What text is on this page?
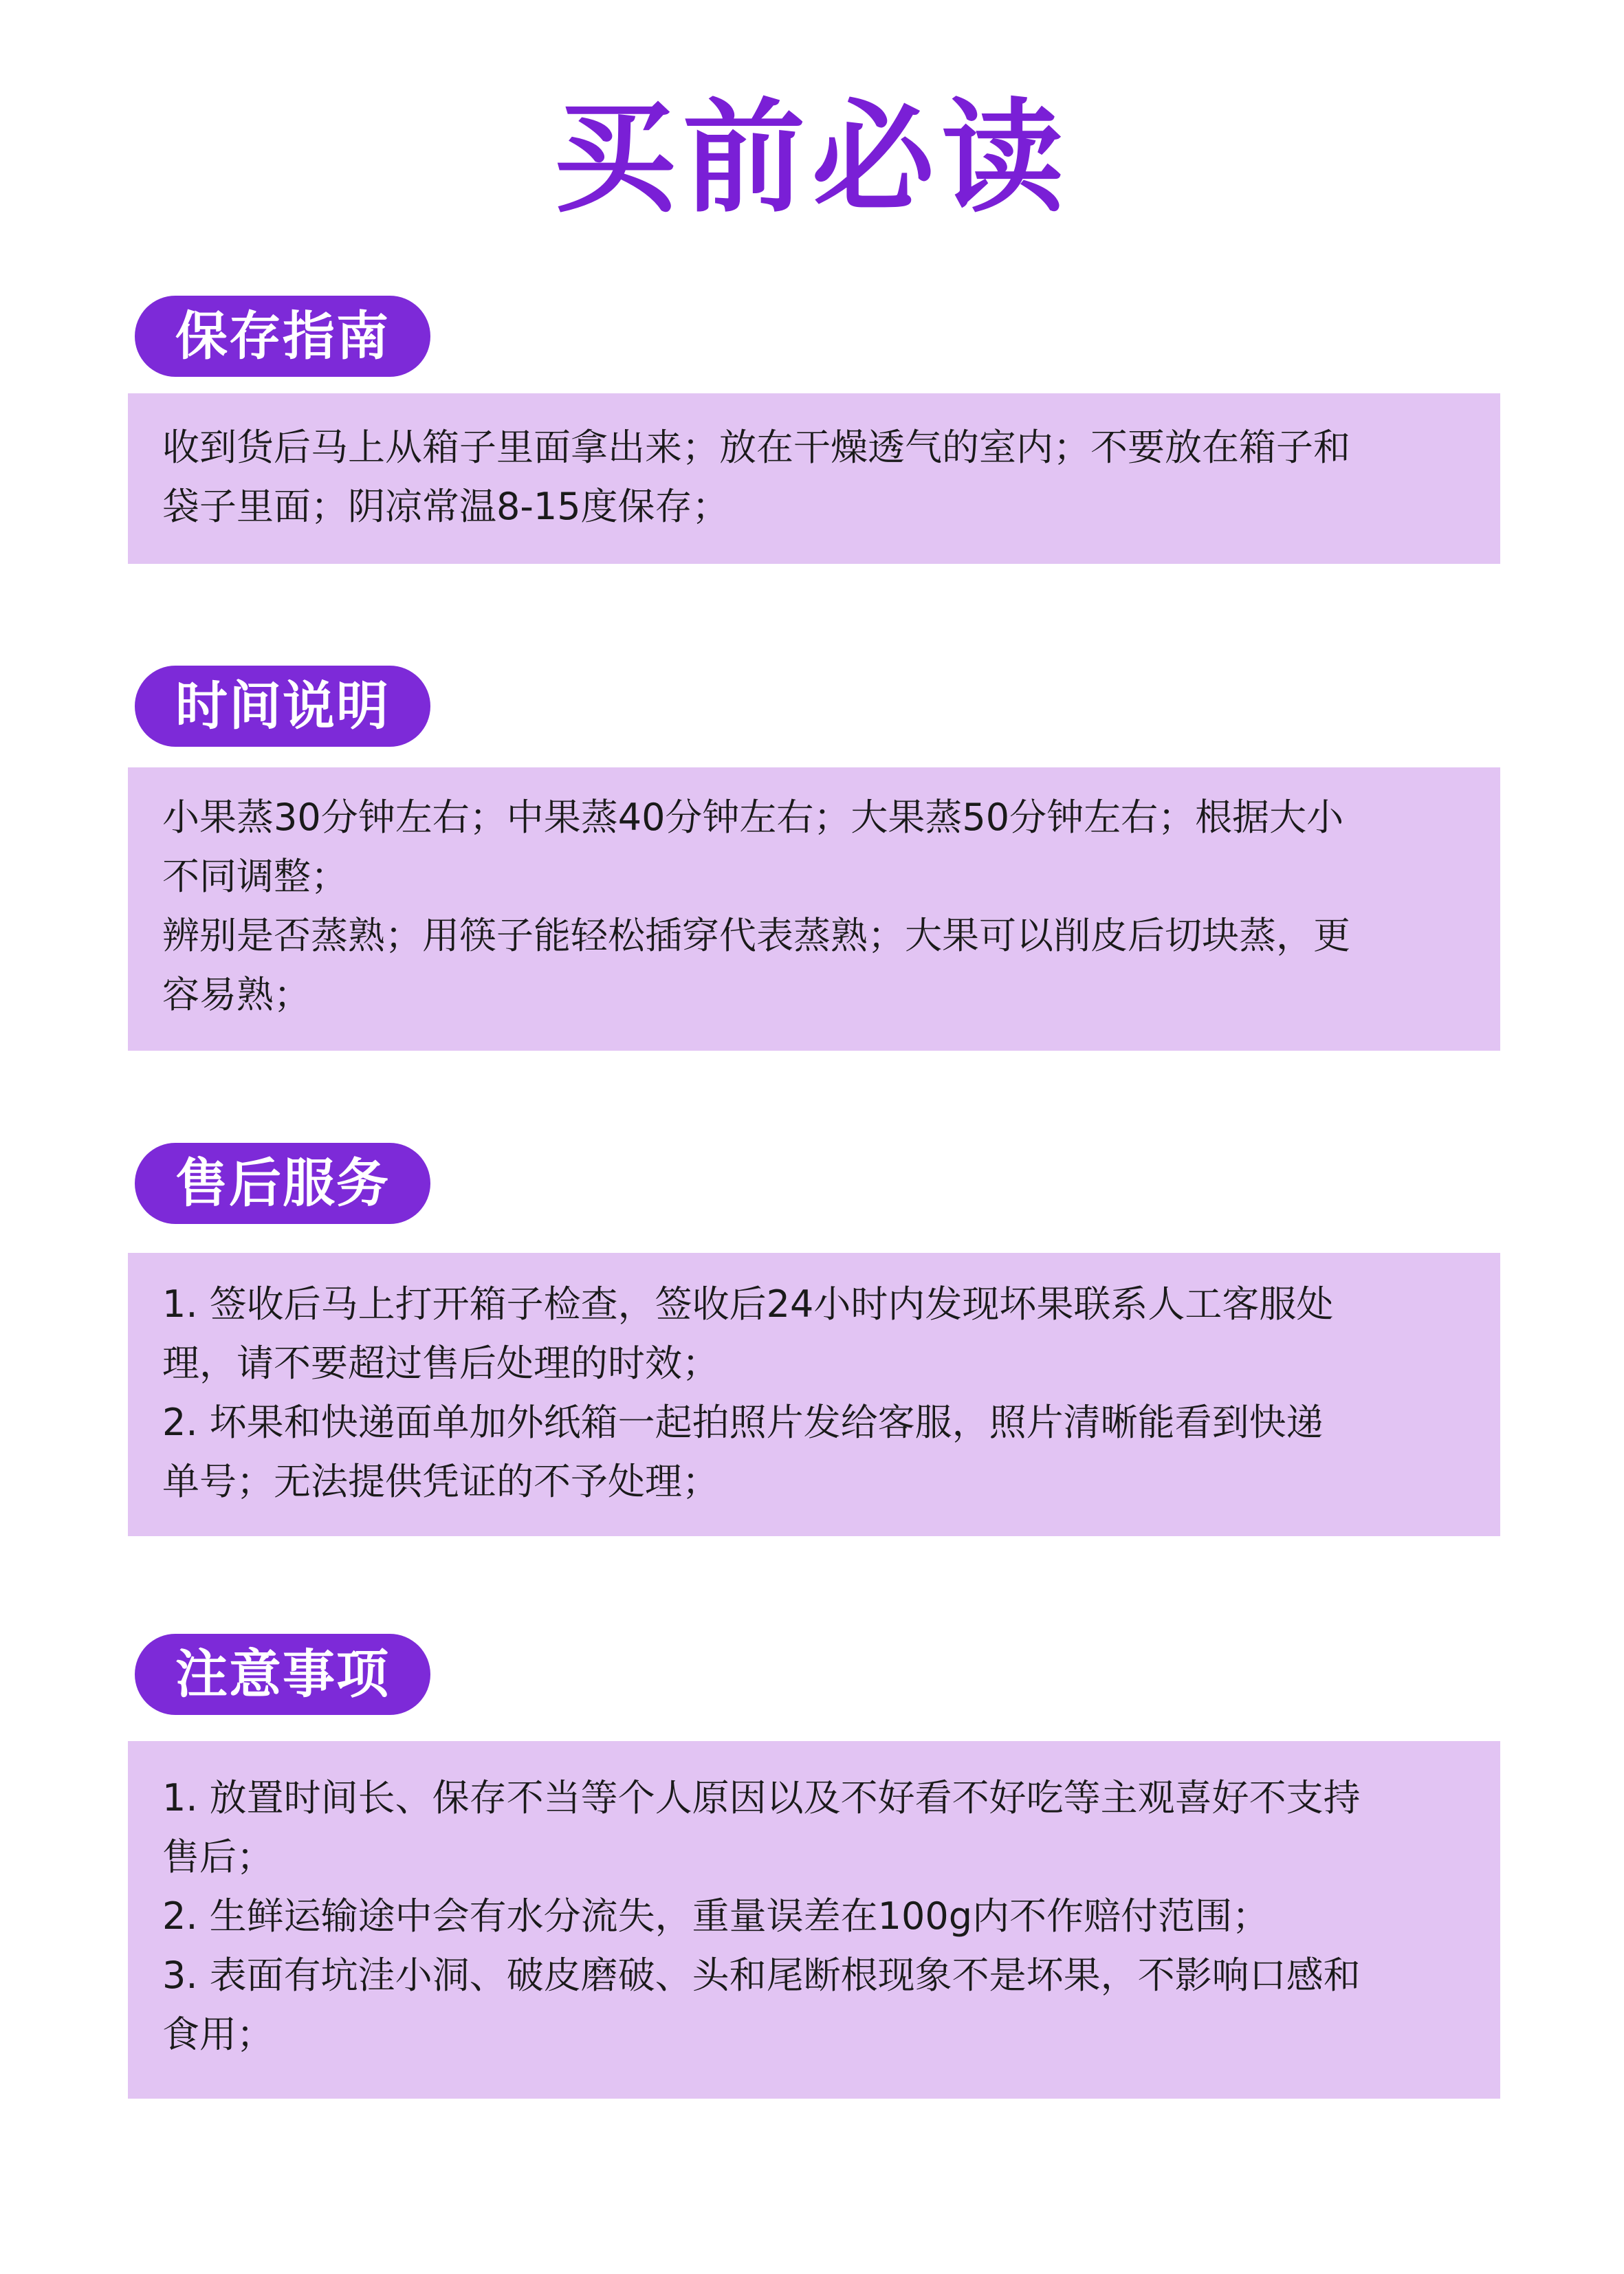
买前必读
保存指南

收到货后马上从箱子里面拿出来；放在干燥透气的室内；不要放在箱子和
袋子里面；阴凉常温8-15度保存；

时间说明

小果蒸30分钟左右；中果蒸40分钟左右；大果蒸50分钟左右；根据大小
不同调整；

辨别是否蒸熟；用筷子能轻松插穿代表蒸熟；大果可以削皮后切块蒸，更
容易熟；

售后服务

1. 签收后马上打开箱子检查，签收后24小时内发现坏果联系人工客服处
理，请不要超过售后处理的时效；

2. 坏果和快递面单加外纸箱一起拍照片发给客服，照片清晰能看到快递
单号；无法提供凭证的不予处理；

注意事项

1. 放置时间长、保存不当等个人原因以及不好看不好吃等主观喜好不支持
售后；

2. 生鲜运输途中会有水分流失，重量误差在100g内不作赔付范围；

3. 表面有坑洼小洞、破皮磨破、头和尾断根现象不是坏果，不影响口感和
食用；
